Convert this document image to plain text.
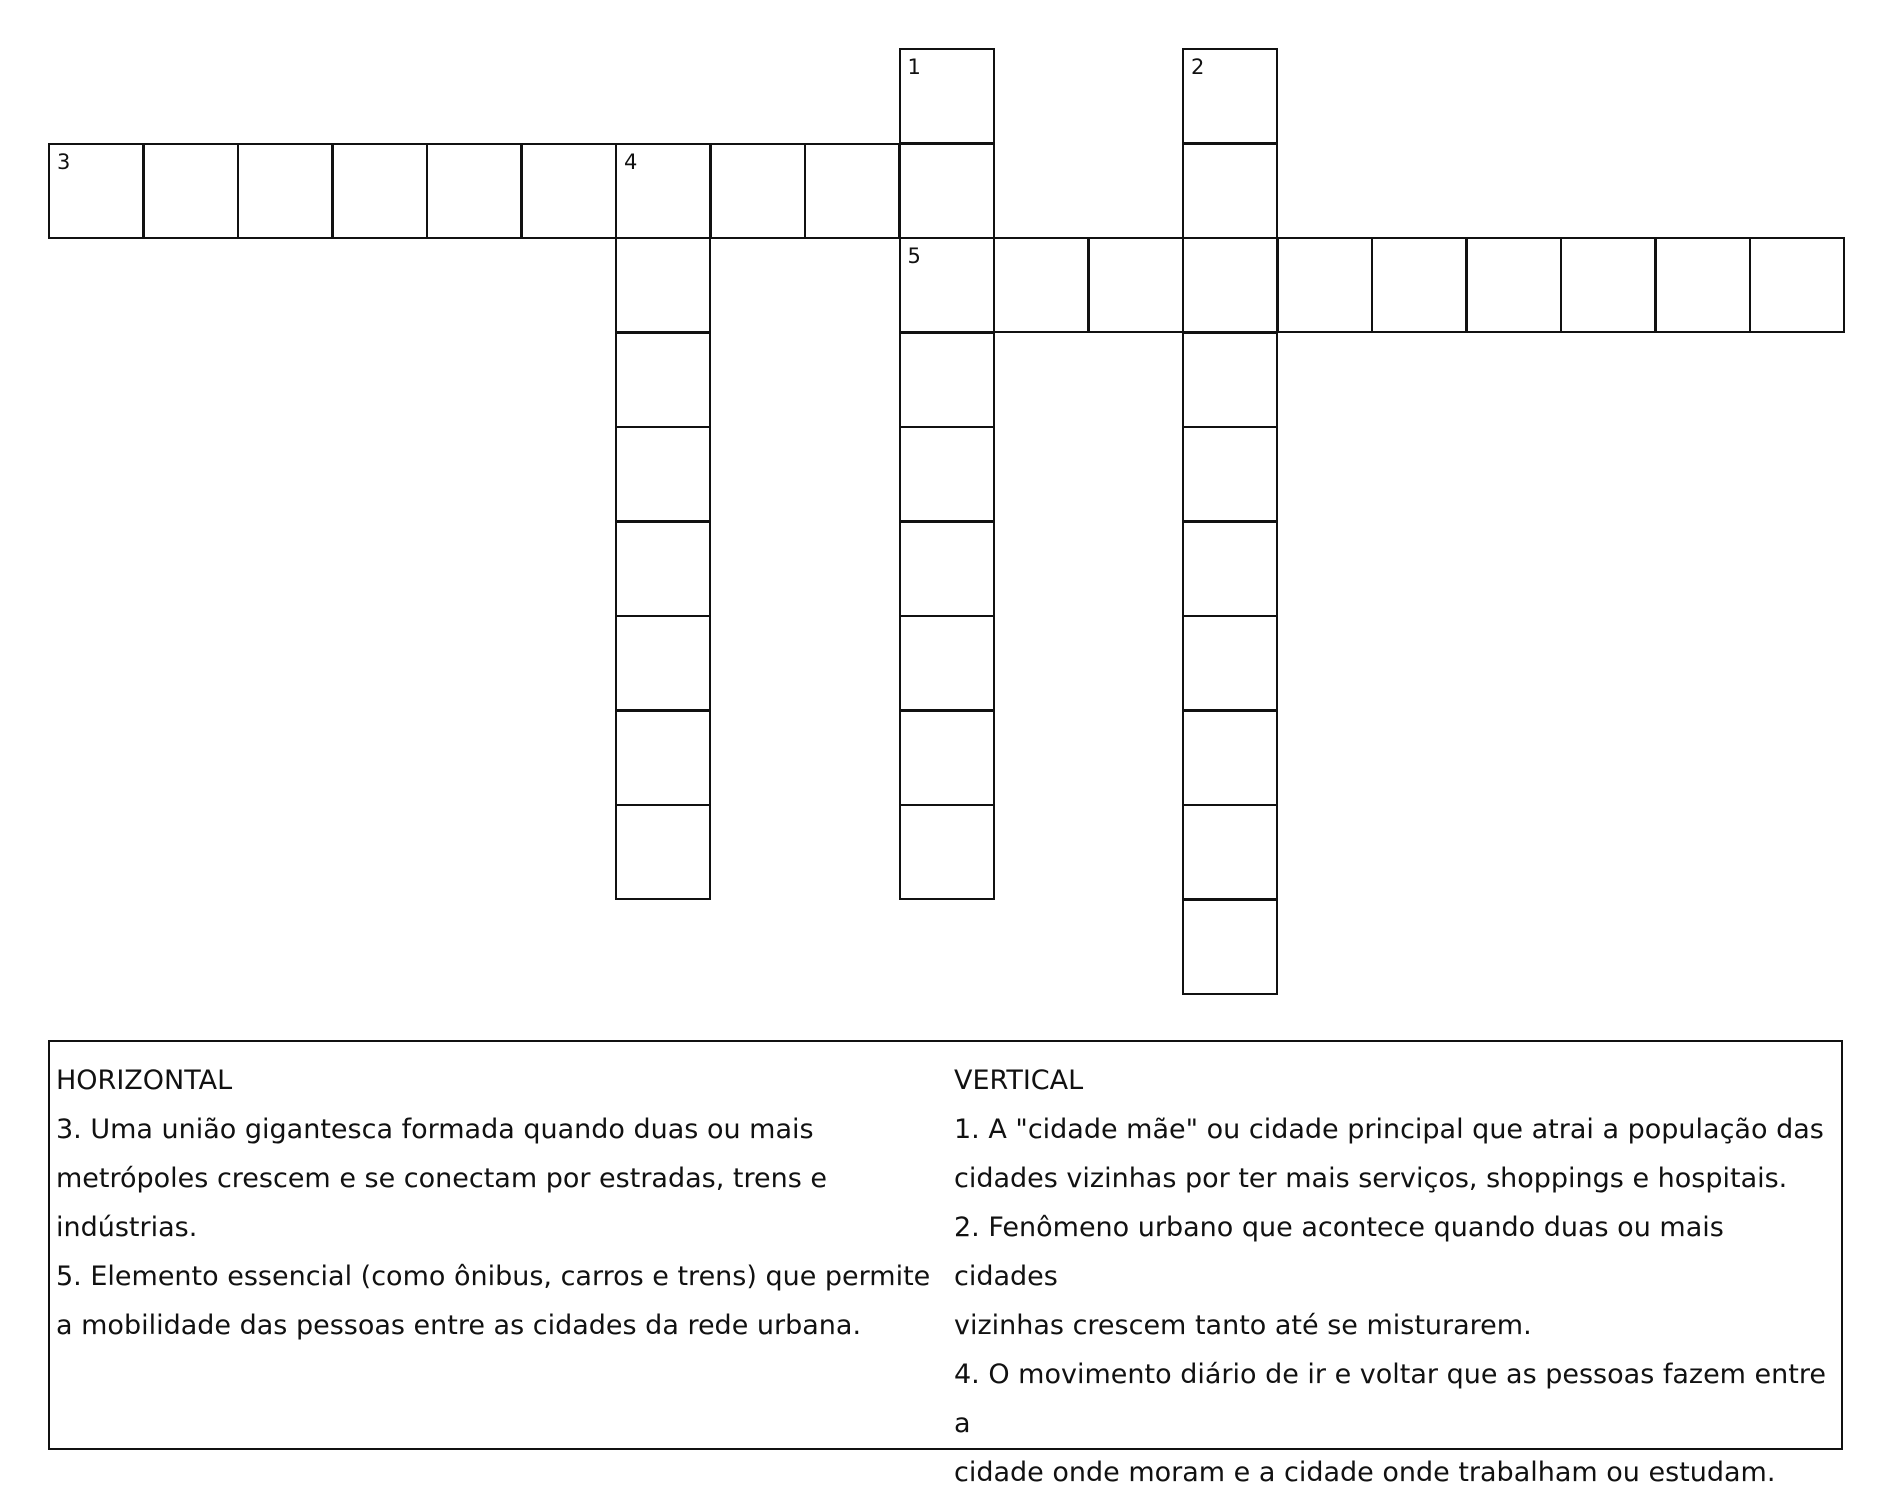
1
5
2
3	4

HORIZONTAL

3. Uma união gigantesca formada quando duas ou mais
metrópoles crescem e se conectam por estradas, trens e
indústrias.

5. Elemento essencial (como ônibus, carros e trens) que permite
a mobilidade das pessoas entre as cidades da rede urbana.

VERTICAL

1. A "cidade mãe" ou cidade principal que atrai a população das
cidades vizinhas por ter mais serviços, shoppings e hospitais.

2. Fenômeno urbano que acontece quando duas ou mais cidades
vizinhas crescem tanto até se misturarem.

4. O movimento diário de ir e voltar que as pessoas fazem entre a
cidade onde moram e a cidade onde trabalham ou estudam.
